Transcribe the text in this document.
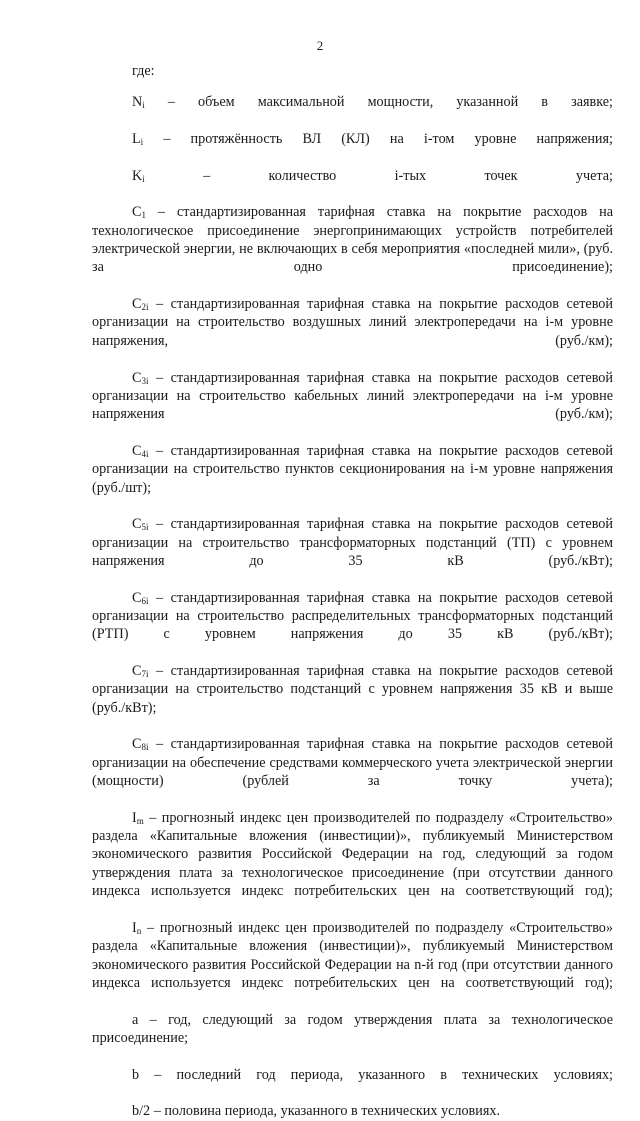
2
где:

$N_i$ – объем максимальной мощности, указанной в заявке;

$L_i$ – протяжённость ВЛ (КЛ) на i-том уровне напряжения;

$K_i$ – количество i-тых точек учета;

$C_1$ – стандартизированная тарифная ставка на покрытие расходов на технологическое присоединение энергопринимающих устройств потребителей электрической энергии, не включающих в себя мероприятия «последней мили», (руб. за одно присоединение);

$C_{2i}$ – стандартизированная тарифная ставка на покрытие расходов сетевой организации на строительство воздушных линий электропередачи на i-м уровне напряжения, (руб./км);

$C_{3i}$ – стандартизированная тарифная ставка на покрытие расходов сетевой организации на строительство кабельных линий электропередачи на i-м уровне напряжения (руб./км);

$C_{4i}$ – стандартизированная тарифная ставка на покрытие расходов сетевой организации на строительство пунктов секционирования на i-м уровне напряжения (руб./шт);

$C_{5i}$ – стандартизированная тарифная ставка на покрытие расходов сетевой организации на строительство трансформаторных подстанций (ТП) с уровнем напряжения до 35 кВ (руб./кВт);

$C_{6i}$ – стандартизированная тарифная ставка на покрытие расходов сетевой организации на строительство распределительных трансформаторных подстанций (РТП) с уровнем напряжения до 35 кВ (руб./кВт);

$C_{7i}$ – стандартизированная тарифная ставка на покрытие расходов сетевой организации на строительство подстанций с уровнем напряжения 35 кВ и выше (руб./кВт);

$C_{8i}$ – стандартизированная тарифная ставка на покрытие расходов сетевой организации на обеспечение средствами коммерческого учета электрической энергии (мощности) (рублей за точку учета);

$I_m$ – прогнозный индекс цен производителей по подразделу «Строительство» раздела «Капитальные вложения (инвестиции)», публикуемый Министерством экономического развития Российской Федерации на год, следующий за годом утверждения плата за технологическое присоединение (при отсутствии данного индекса используется индекс потребительских цен на соответствующий год);

$I_n$ – прогнозный индекс цен производителей по подразделу «Строительство» раздела «Капитальные вложения (инвестиции)», публикуемый Министерством экономического развития Российской Федерации на n-й год (при отсутствии данного индекса используется индекс потребительских цен на соответствующий год);

a – год, следующий за годом утверждения плата за технологическое присоединение;

b – последний год периода, указанного в технических условиях;

b/2 – половина периода, указанного в технических условиях.
